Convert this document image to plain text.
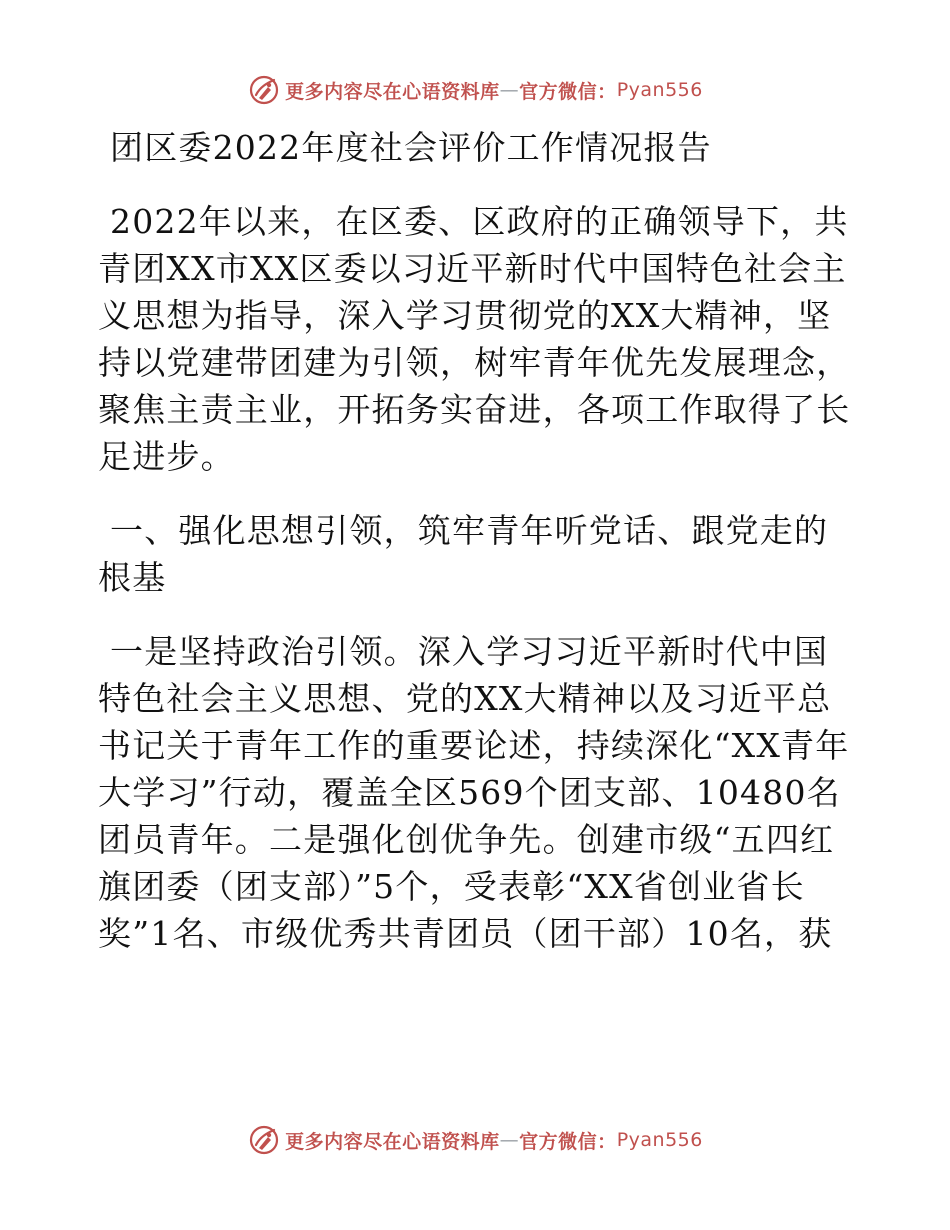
更多内容尽在心语资料库 — 官方微信： Pyan556
团区委2022年度社会评价工作情况报告
2022年以来，在区委、区政府的正确领导下，共
青团XX市XX区委以习近平新时代中国特色社会主
义思想为指导，深入学习贯彻党的XX大精神，坚
持以党建带团建为引领，树牢青年优先发展理念，
聚焦主责主业，开拓务实奋进，各项工作取得了长
足进步。
一、强化思想引领，筑牢青年听党话、跟党走的
根基
一是坚持政治引领。深入学习习近平新时代中国
特色社会主义思想、党的XX大精神以及习近平总
书记关于青年工作的重要论述，持续深化“XX青年
大学习”行动，覆盖全区569个团支部、10480名
团员青年。二是强化创优争先。创建市级“五四红
旗团委（团支部）”5个，受表彰“XX省创业省长
奖”1名、市级优秀共青团员（团干部）10名，获
更多内容尽在心语资料库 — 官方微信： Pyan556
